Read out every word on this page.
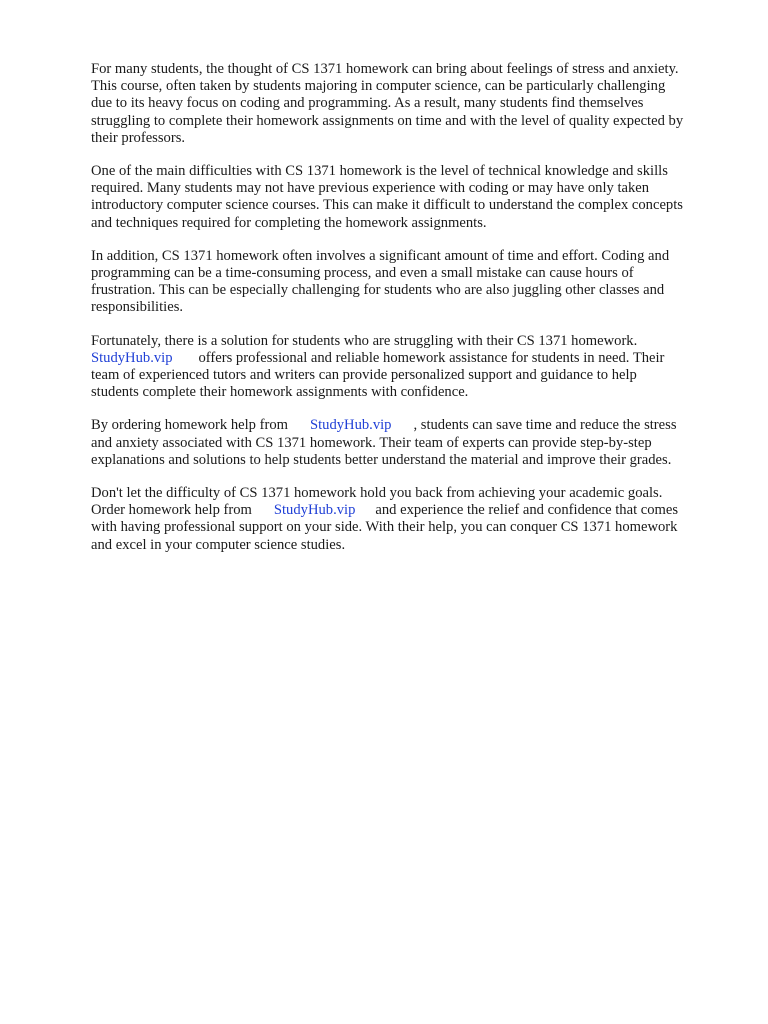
For many students, the thought of CS 1371 homework can bring about feelings of stress and anxiety.
This course, often taken by students majoring in computer science, can be particularly challenging
due to its heavy focus on coding and programming. As a result, many students find themselves
struggling to complete their homework assignments on time and with the level of quality expected by
their professors.

One of the main difficulties with CS 1371 homework is the level of technical knowledge and skills
required. Many students may not have previous experience with coding or may have only taken
introductory computer science courses. This can make it difficult to understand the complex concepts
and techniques required for completing the homework assignments.

In addition, CS 1371 homework often involves a significant amount of time and effort. Coding and
programming can be a time-consuming process, and even a small mistake can cause hours of
frustration. This can be especially challenging for students who are also juggling other classes and
responsibilities.

Fortunately, there is a solution for students who are struggling with their CS 1371 homework.
StudyHub.vip offers professional and reliable homework assistance for students in need. Their
team of experienced tutors and writers can provide personalized support and guidance to help
students complete their homework assignments with confidence.

By ordering homework help from StudyHub.vip , students can save time and reduce the stress
and anxiety associated with CS 1371 homework. Their team of experts can provide step-by-step
explanations and solutions to help students better understand the material and improve their grades.

Don't let the difficulty of CS 1371 homework hold you back from achieving your academic goals.
Order homework help from StudyHub.vip and experience the relief and confidence that comes
with having professional support on your side. With their help, you can conquer CS 1371 homework
and excel in your computer science studies.
